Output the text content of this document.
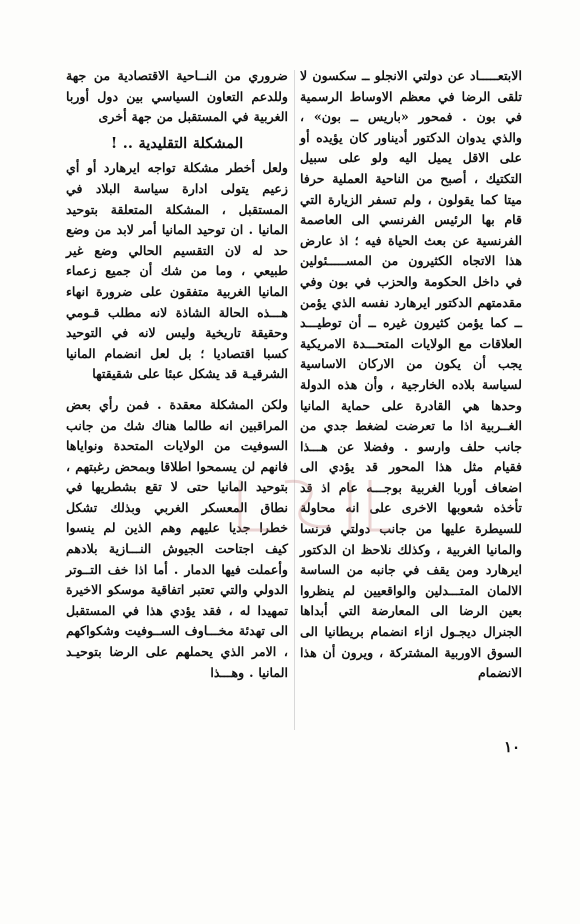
الابتعـــــاد عن دولتي الانجلو ــ سكسون لا تلقى الرضا في معظم الاوساط الرسمية في بون . فمحور «باريس ــ بون» ، والذي يدوان الدكتور أديناور كان يؤيده أو على الاقل يميل اليه ولو على سبيل التكتيك ، أصبح من الناحية العملية حرفا ميتا كما يقولون ، ولم تسفر الزيارة التي قام بها الرئيس الفرنسي الى العاصمة الفرنسية عن بعث الحياة فيه ؛ اذ عارض هذا الاتجاه الكثيرون من المســـــئولين في داخل الحكومة والحزب في بون وفي مقدمتهم الدكتور ايرهارد نفسه الذي يؤمن ــ كما يؤمن كثيرون غيره ــ أن توطيـــد العلاقات مع الولايات المتحـــدة الامريكية يجب أن يكون من الاركان الاساسية لسياسة بلاده الخارجية ، وأن هذه الدولة وحدها هي القادرة على حماية المانيا الغــربية اذا ما تعرضت لضغط جدي من جانب حلف وارسو . وفضلا عن هـــذا فقيام مثل هذا المحور قد يؤدي الى اضعاف أوربا الغربية بوجـــه عام اذ قد تأخذه شعوبها الاخرى على انه محاولة للسيطرة عليها من جانب دولتي فرنسا والمانيا الغربية ، وكذلك نلاحظ ان الدكتور ايرهارد ومن يقف في جانبه من الساسة الالمان المتـــدلين والواقعيين لم ينظروا بعين الرضا الى المعارضة التي أبداها الجنرال ديجـول ازاء انضمام بريطانيا الى السوق الاوربية المشتركة ، ويرون أن هذا الانضمام

ضروري من النــاحية الاقتصادية من جهة وللدعم التعاون السياسي بين دول أوربا الغربية في المستقبل من جهة أخرى

المشكلة التقليدية .. !

ولعل أخطر مشكلة تواجه ايرهارد أو أي زعيم يتولى ادارة سياسة البلاد في المستقبل ، المشكلة المتعلقة بتوحيد المانيا . ان توحيد المانيا أمر لابد من وضع حد له لان التقسيم الحالي وضع غير طبيعي ، وما من شك أن جميع زعماء المانيا الغربية متفقون على ضرورة انهاء هـــذه الحالة الشاذة لانه مطلب قـومي وحقيقة تاريخية وليس لانه في التوحيد كسبا اقتصاديا ؛ بل لعل انضمام المانيا الشرقيـة قد يشكل عبئا على شقيقتها

ولكن المشكلة معقدة . فمن رأي بعض المراقبين انه طالما هناك شك من جانب السوفيت من الولايات المتحدة ونواياها فانهم لن يسمحوا اطلاقا وبمحض رغبتهم ، بتوحيد المانيا حتى لا تقع بشطريها في نطاق المعسكر الغربي وبذلك تشكل خطرا جديا عليهم وهم الذين لم ينسوا كيف اجتاحت الجيوش النـــازية بلادهم وأعملت فيها الدمار . أما اذا خف التــوتر الدولي والتي تعتبر اتفاقية موسكو الاخيرة تمهيدا له ، فقد يؤدي هذا في المستقبل الى تهدئة مخـــاوف الســوفيت وشكواكهم ، الامر الذي يحملهم على الرضا بتوحيـد المانيا . وهـــذا

١٠
